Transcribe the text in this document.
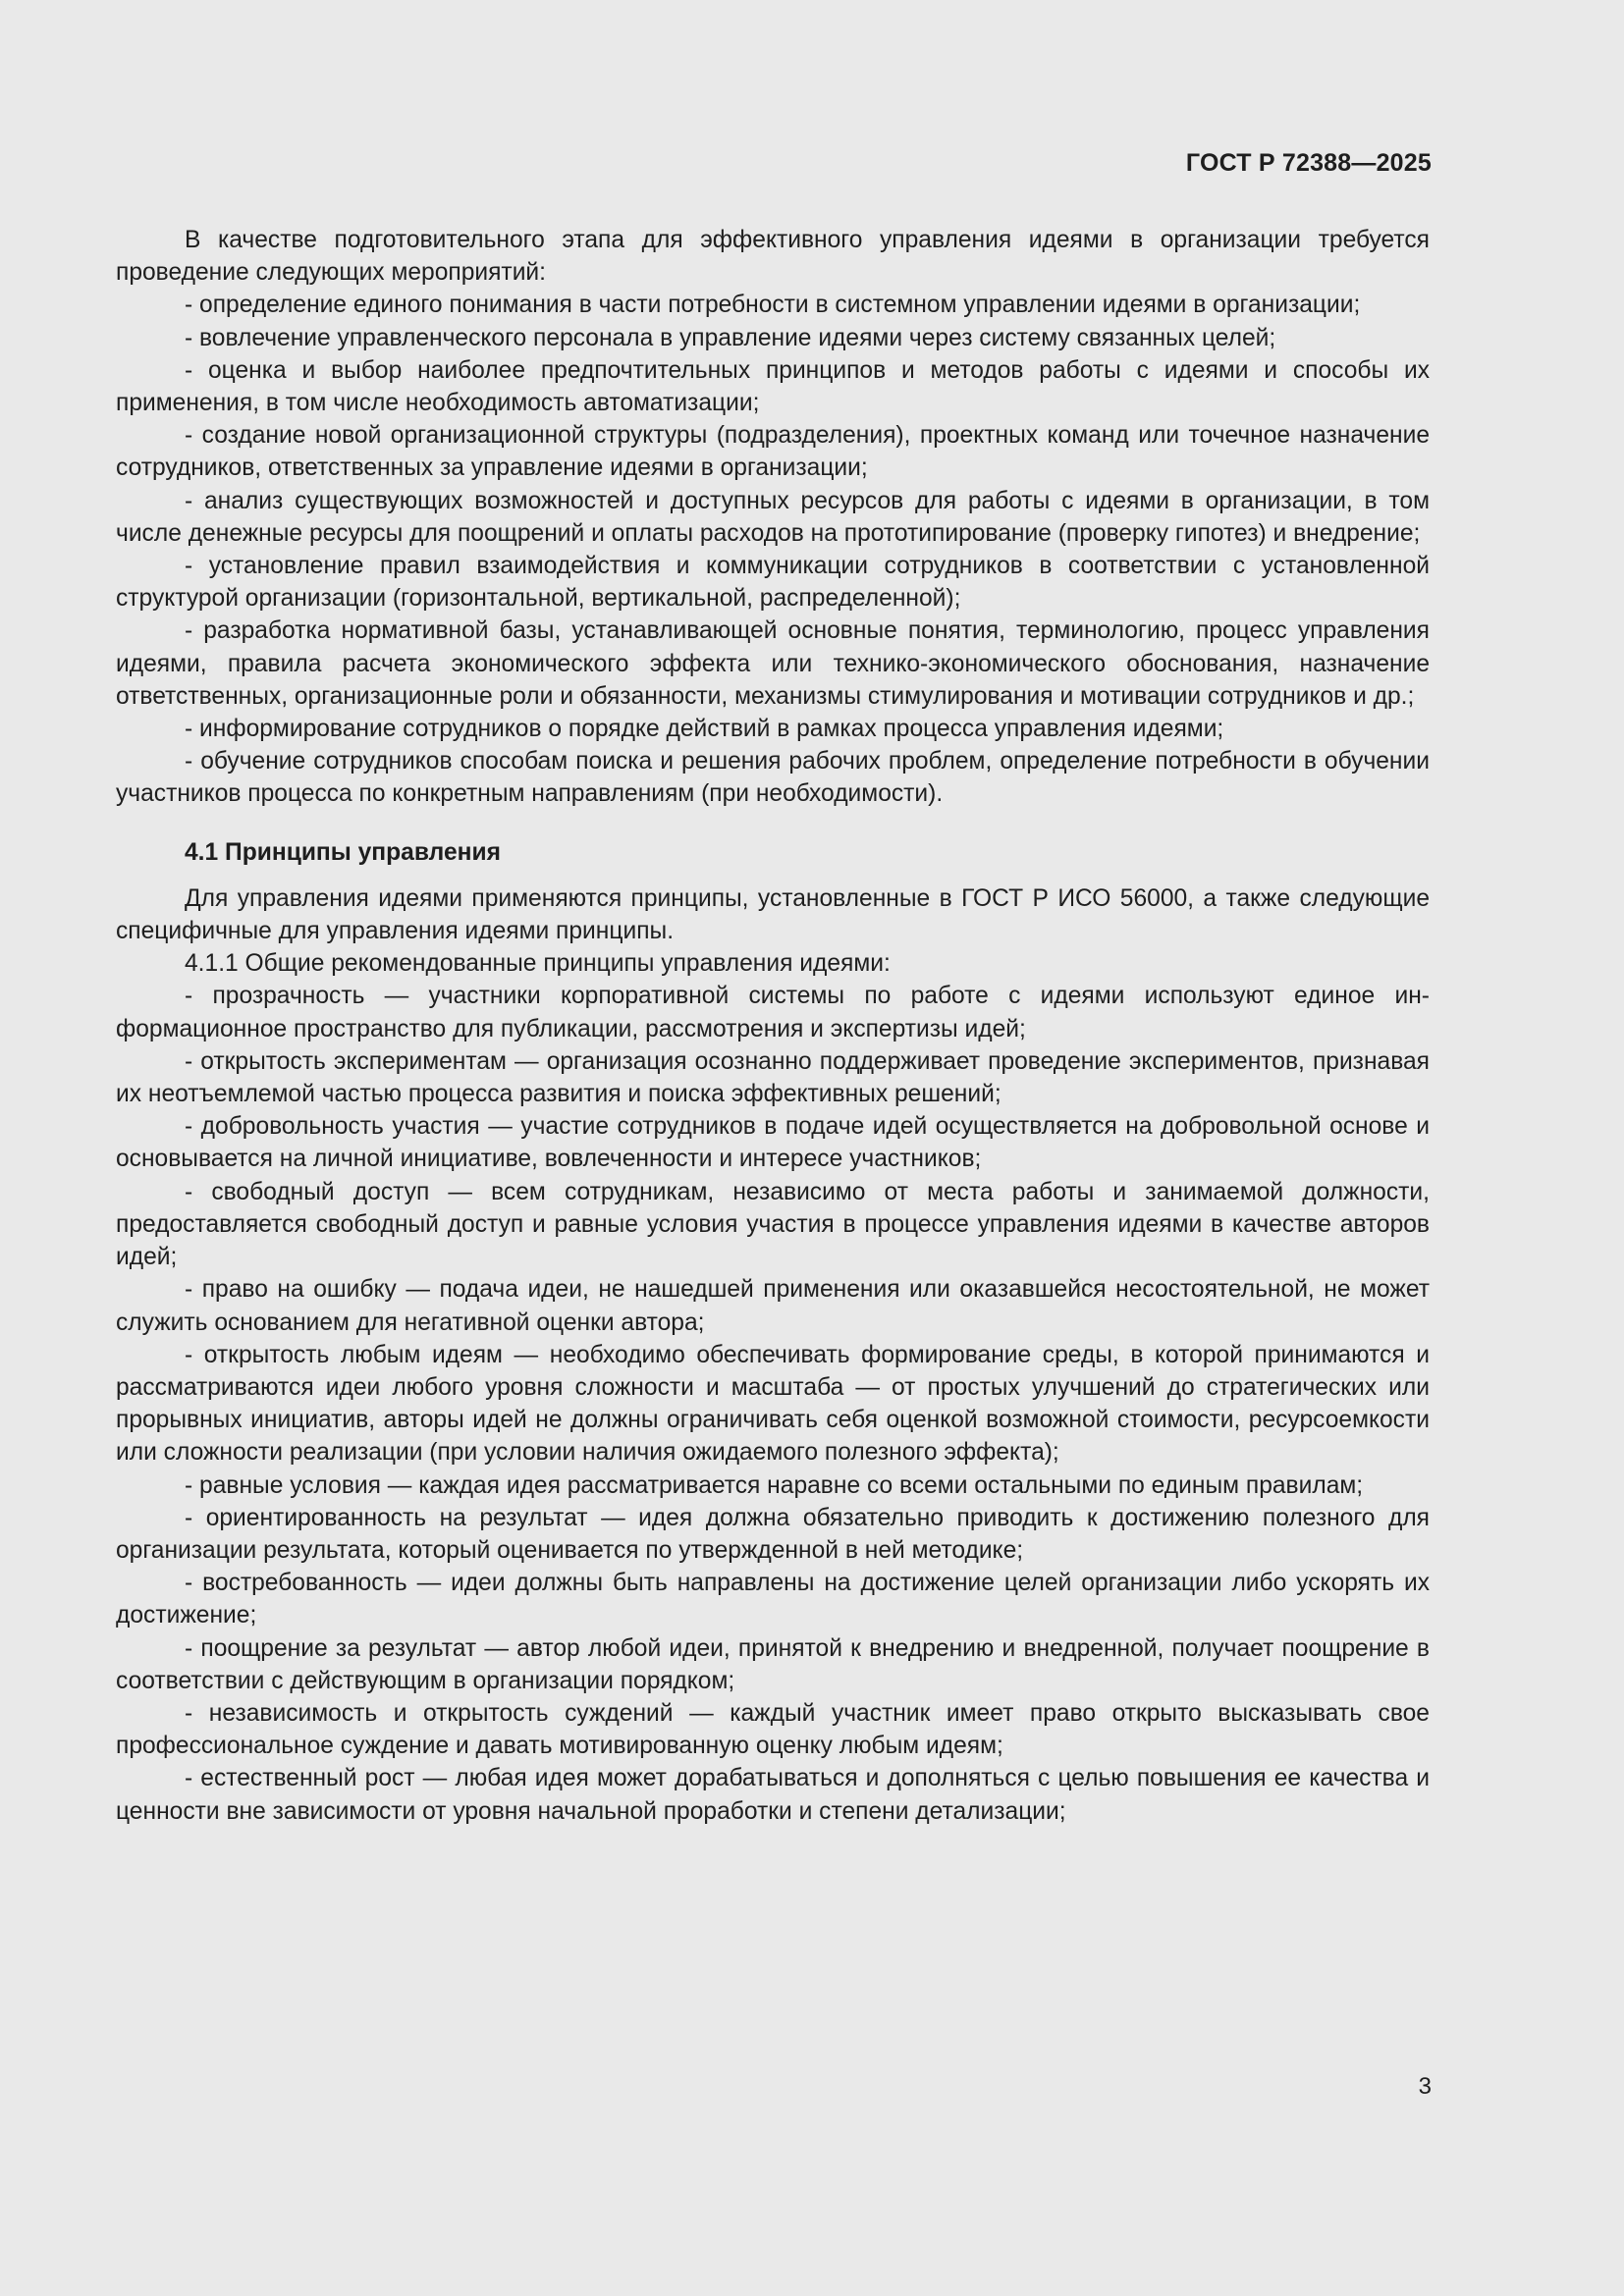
ГОСТ Р 72388—2025

В качестве подготовительного этапа для эффективного управления идеями в организации требуется проведение следующих мероприятий:

- определение единого понимания в части потребности в системном управлении идеями в организации;

- вовлечение управленческого персонала в управление идеями через систему связанных целей;

- оценка и выбор наиболее предпочтительных принципов и методов работы с идеями и способы их применения, в том числе необходимость автоматизации;

- создание новой организационной структуры (подразделения), проектных команд или точечное назначение сотрудников, ответственных за управление идеями в организации;

- анализ существующих возможностей и доступных ресурсов для работы с идеями в организации, в том числе денежные ресурсы для поощрений и оплаты расходов на прототипирование (проверку гипотез) и внедрение;

- установление правил взаимодействия и коммуникации сотрудников в соответствии с установленной структурой организации (горизонтальной, вертикальной, распределенной);

- разработка нормативной базы, устанавливающей основные понятия, терминологию, процесс управления идеями, правила расчета экономического эффекта или технико-экономического обоснования, назначение ответственных, организационные роли и обязанности, механизмы стимулирования и мотивации сотрудников и др.;

- информирование сотрудников о порядке действий в рамках процесса управления идеями;

- обучение сотрудников способам поиска и решения рабочих проблем, определение потребности в обучении участников процесса по конкретным направлениям (при необходимости).

4.1 Принципы управления

Для управления идеями применяются принципы, установленные в ГОСТ Р ИСО 56000, а также следующие специфичные для управления идеями принципы.

4.1.1 Общие рекомендованные принципы управления идеями:

- прозрачность — участники корпоративной системы по работе с идеями используют единое информационное пространство для публикации, рассмотрения и экспертизы идей;

- открытость экспериментам — организация осознанно поддерживает проведение экспериментов, признавая их неотъемлемой частью процесса развития и поиска эффективных решений;

- добровольность участия — участие сотрудников в подаче идей осуществляется на добровольной основе и основывается на личной инициативе, вовлеченности и интересе участников;

- свободный доступ — всем сотрудникам, независимо от места работы и занимаемой должности, предоставляется свободный доступ и равные условия участия в процессе управления идеями в качестве авторов идей;

- право на ошибку — подача идеи, не нашедшей применения или оказавшейся несостоятельной, не может служить основанием для негативной оценки автора;

- открытость любым идеям — необходимо обеспечивать формирование среды, в которой принимаются и рассматриваются идеи любого уровня сложности и масштаба — от простых улучшений до стратегических или прорывных инициатив, авторы идей не должны ограничивать себя оценкой возможной стоимости, ресурсоемкости или сложности реализации (при условии наличия ожидаемого полезного эффекта);

- равные условия — каждая идея рассматривается наравне со всеми остальными по единым правилам;

- ориентированность на результат — идея должна обязательно приводить к достижению полезного для организации результата, который оценивается по утвержденной в ней методике;

- востребованность — идеи должны быть направлены на достижение целей организации либо ускорять их достижение;

- поощрение за результат — автор любой идеи, принятой к внедрению и внедренной, получает поощрение в соответствии с действующим в организации порядком;

- независимость и открытость суждений — каждый участник имеет право открыто высказывать свое профессиональное суждение и давать мотивированную оценку любым идеям;

- естественный рост — любая идея может дорабатываться и дополняться с целью повышения ее качества и ценности вне зависимости от уровня начальной проработки и степени детализации;

3
